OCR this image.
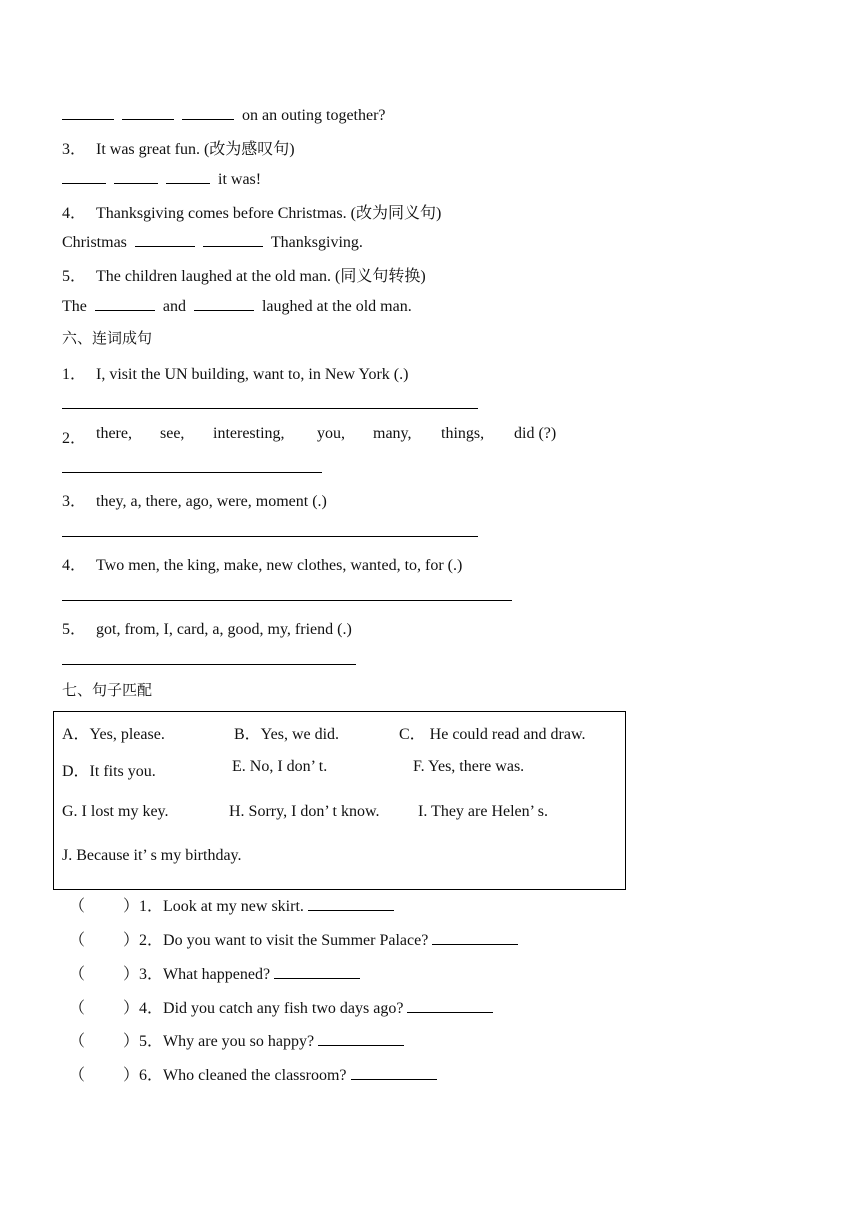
on an outing together?
3． It was great fun. (改为感叹句)
it was!
4． Thanksgiving comes before Christmas. (改为同义句)
Christmas	Thanksgiving.
5． The children laughed at the old man. (同义句转换)
The	and	laughed at the old man.
六、连词成句
1． I, visit the UN building, want to, in New York (.)
2． there, see, interesting, you, many, things, did (?)
3． they, a, there, ago, were, moment (.)
4． Two men, the king, make, new clothes, wanted, to, for (.)
5． got, from, I, card, a, good, my, friend (.)
七、句子匹配
A．Yes, please.	B．Yes, we did.	C． He could read and draw.
D．It fits you.	E. No, I don’ t.	F. Yes, there was.
G. I lost my key.	H. Sorry, I don’ t know. I. They are Helen’ s.
J. Because it’ s my birthday.
（ ）1．Look at my new skirt.
（ ）2．Do you want to visit the Summer Palace?
（ ）3．What happened?
（ ）4．Did you catch any fish two days ago?
（ ）5．Why are you so happy?
（ ）6．Who cleaned the classroom?
